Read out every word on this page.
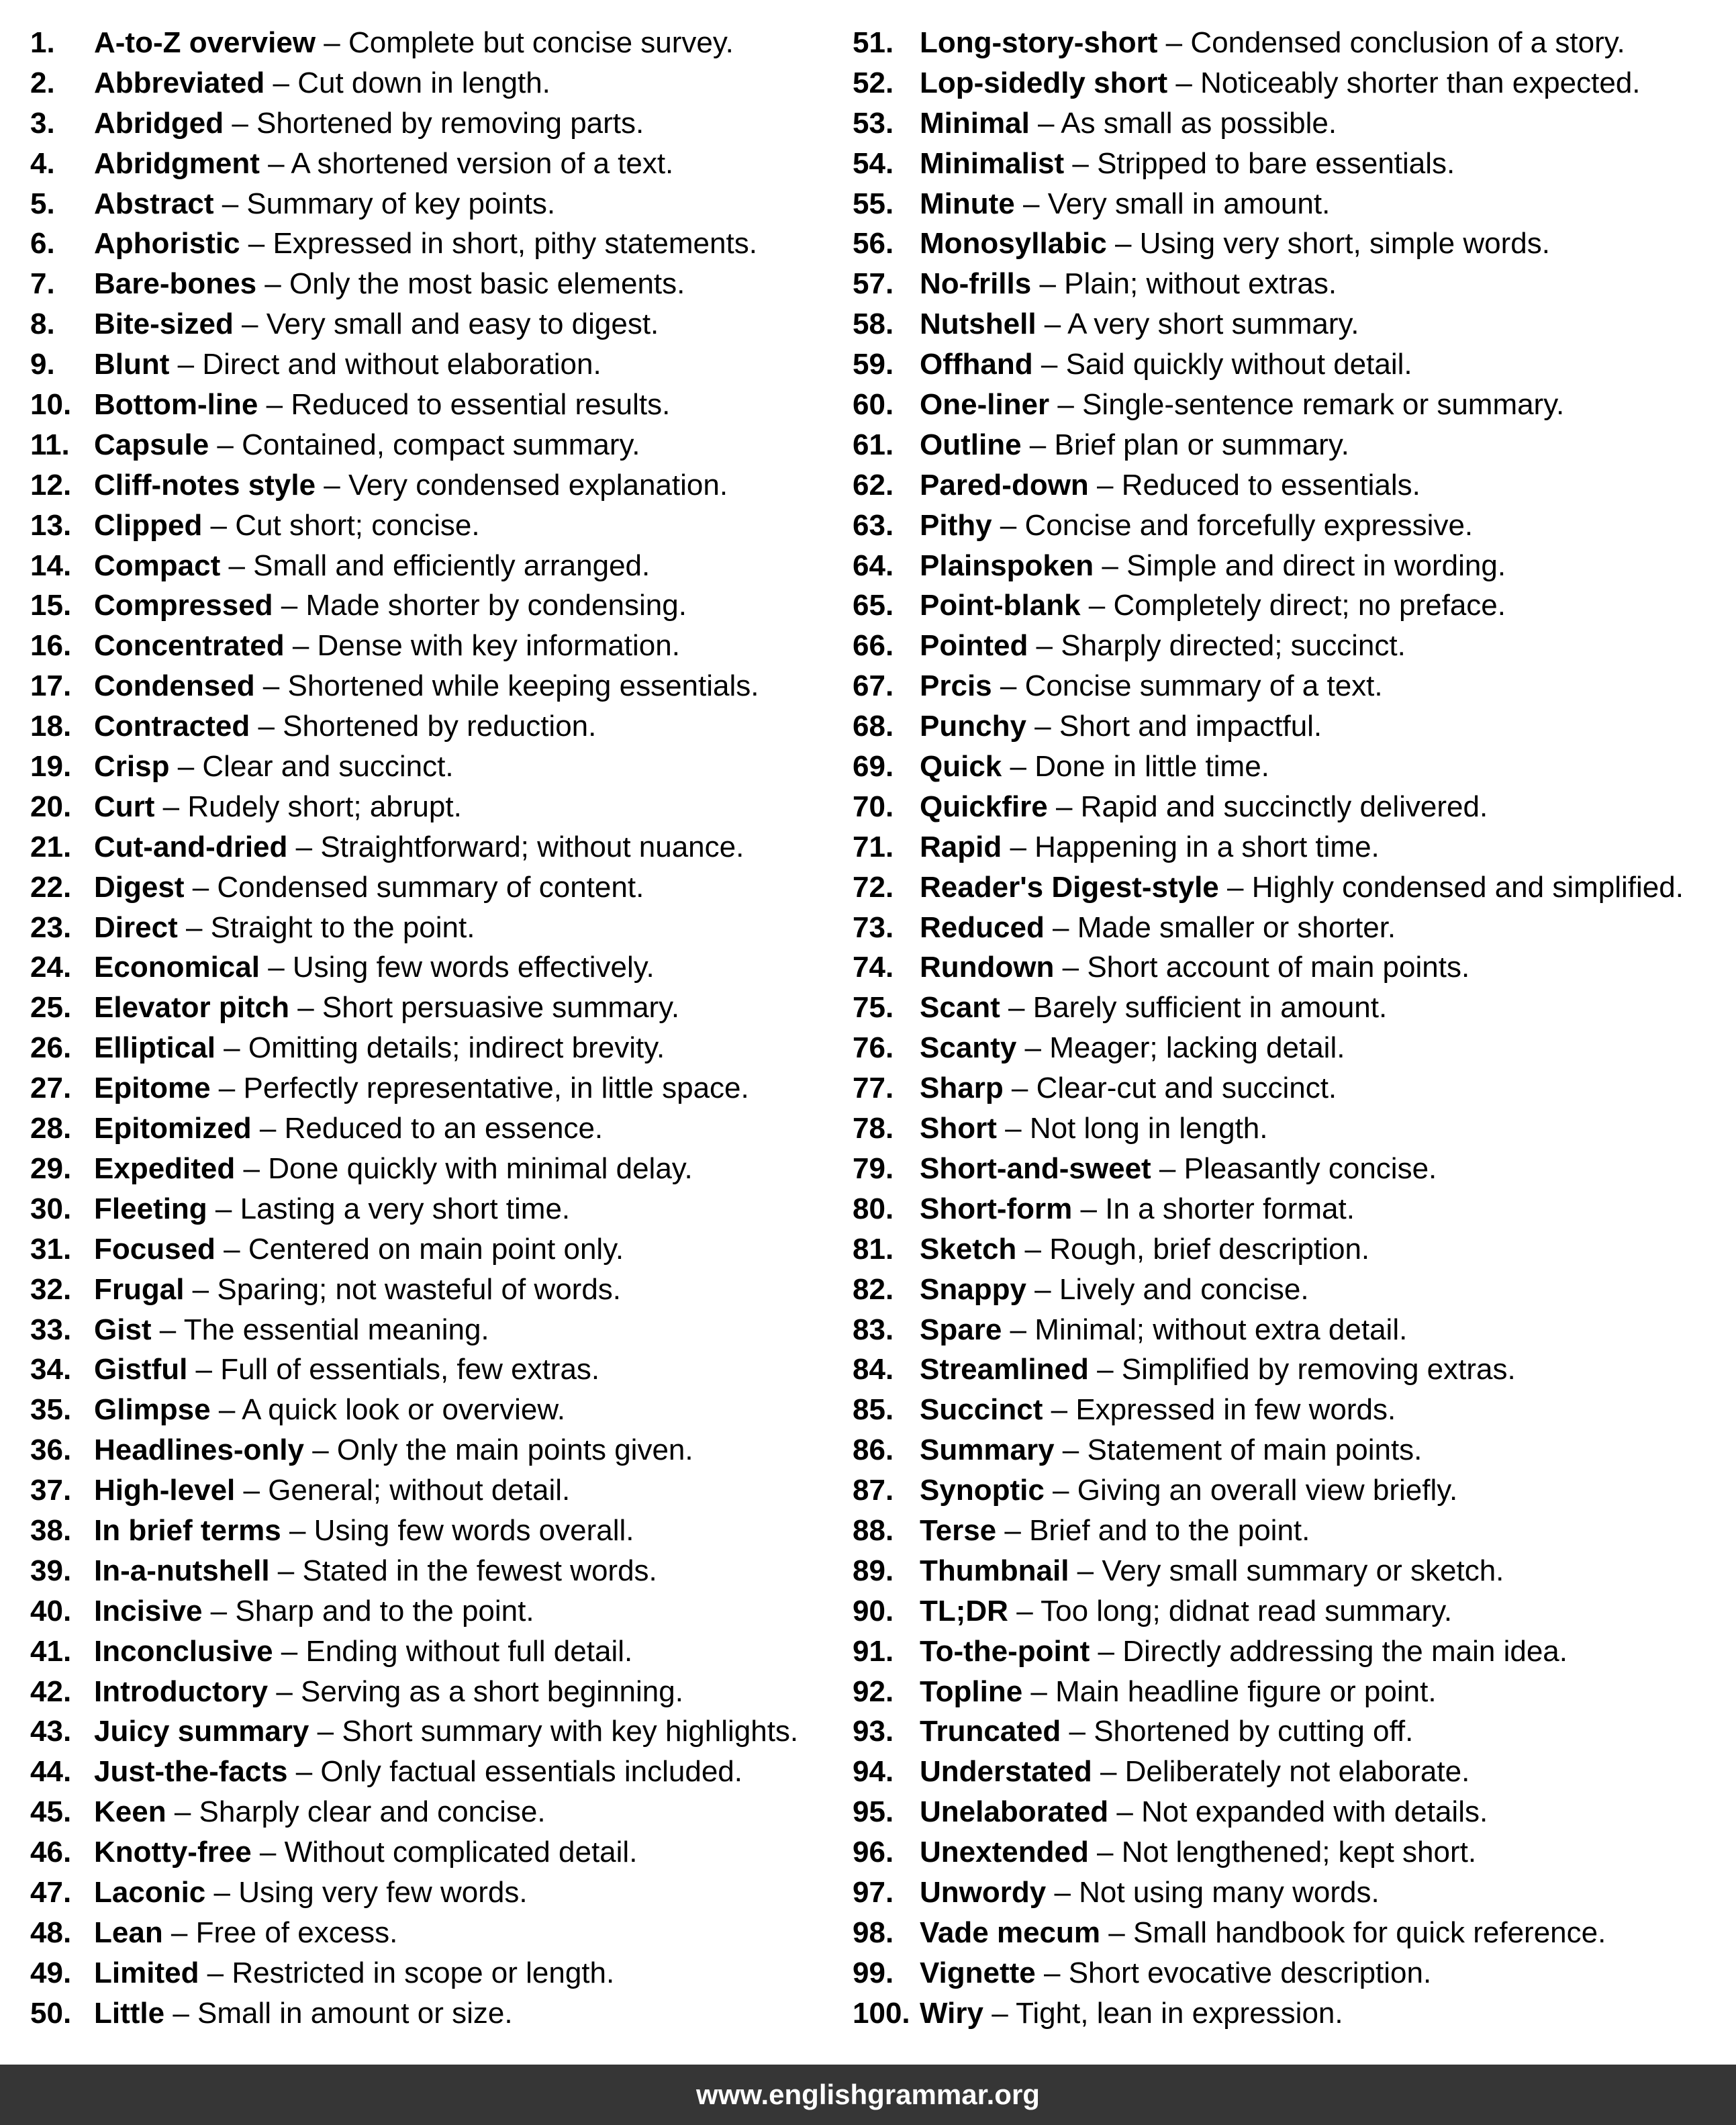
1.	A-to-Z overview – Complete but concise survey.
2.	Abbreviated – Cut down in length.
3.	Abridged – Shortened by removing parts.
4.	Abridgment – A shortened version of a text.
5.	Abstract – Summary of key points.
6.	Aphoristic – Expressed in short, pithy statements.
7.	Bare-bones – Only the most basic elements.
8.	Bite-sized – Very small and easy to digest.
9.	Blunt – Direct and without elaboration.
10. Bottom-line – Reduced to essential results.
11. Capsule – Contained, compact summary.
12. Cliff-notes style – Very condensed explanation.
13. Clipped – Cut short; concise.
14. Compact – Small and efficiently arranged.
15. Compressed – Made shorter by condensing.
16. Concentrated – Dense with key information.
17. Condensed – Shortened while keeping essentials.
18. Contracted – Shortened by reduction.
19. Crisp – Clear and succinct.
20. Curt – Rudely short; abrupt.
21. Cut-and-dried – Straightforward; without nuance.
22. Digest – Condensed summary of content.
23. Direct – Straight to the point.
24. Economical – Using few words effectively.
25. Elevator pitch – Short persuasive summary.
26. Elliptical – Omitting details; indirect brevity.
27. Epitome – Perfectly representative, in little space.
28. Epitomized – Reduced to an essence.
29. Expedited – Done quickly with minimal delay.
30. Fleeting – Lasting a very short time.
31. Focused – Centered on main point only.
32. Frugal – Sparing; not wasteful of words.
33. Gist – The essential meaning.
34. Gistful – Full of essentials, few extras.
35. Glimpse – A quick look or overview.
36. Headlines-only – Only the main points given.
37. High-level – General; without detail.
38. In brief terms – Using few words overall.
39. In-a-nutshell – Stated in the fewest words.
40. Incisive – Sharp and to the point.
41. Inconclusive – Ending without full detail.
42. Introductory – Serving as a short beginning.
43. Juicy summary – Short summary with key highlights.
44. Just-the-facts – Only factual essentials included.
45. Keen – Sharply clear and concise.
46. Knotty-free – Without complicated detail.
47. Laconic – Using very few words.
48. Lean – Free of excess.
49. Limited – Restricted in scope or length.
50. Little – Small in amount or size.
51. Long-story-short – Condensed conclusion of a story.
52. Lop-sidedly short – Noticeably shorter than expected.
53. Minimal – As small as possible.
54. Minimalist – Stripped to bare essentials.
55. Minute – Very small in amount.
56. Monosyllabic – Using very short, simple words.
57. No-frills – Plain; without extras.
58. Nutshell – A very short summary.
59. Offhand – Said quickly without detail.
60. One-liner – Single-sentence remark or summary.
61. Outline – Brief plan or summary.
62. Pared-down – Reduced to essentials.
63. Pithy – Concise and forcefully expressive.
64. Plainspoken – Simple and direct in wording.
65. Point-blank – Completely direct; no preface.
66. Pointed – Sharply directed; succinct.
67. Prcis – Concise summary of a text.
68. Punchy – Short and impactful.
69. Quick – Done in little time.
70. Quickfire – Rapid and succinctly delivered.
71. Rapid – Happening in a short time.
72. Reader's Digest-style – Highly condensed and simplified.
73. Reduced – Made smaller or shorter.
74. Rundown – Short account of main points.
75. Scant – Barely sufficient in amount.
76. Scanty – Meager; lacking detail.
77. Sharp – Clear-cut and succinct.
78. Short – Not long in length.
79. Short-and-sweet – Pleasantly concise.
80. Short-form – In a shorter format.
81. Sketch – Rough, brief description.
82. Snappy – Lively and concise.
83. Spare – Minimal; without extra detail.
84. Streamlined – Simplified by removing extras.
85. Succinct – Expressed in few words.
86. Summary – Statement of main points.
87. Synoptic – Giving an overall view briefly.
88. Terse – Brief and to the point.
89. Thumbnail – Very small summary or sketch.
90. TL;DR – Too long; didnat read summary.
91. To-the-point – Directly addressing the main idea.
92. Topline – Main headline figure or point.
93. Truncated – Shortened by cutting off.
94. Understated – Deliberately not elaborate.
95. Unelaborated – Not expanded with details.
96. Unextended – Not lengthened; kept short.
97. Unwordy – Not using many words.
98. Vade mecum – Small handbook for quick reference.
99. Vignette – Short evocative description.
100. Wiry – Tight, lean in expression.
www.englishgrammar.org
